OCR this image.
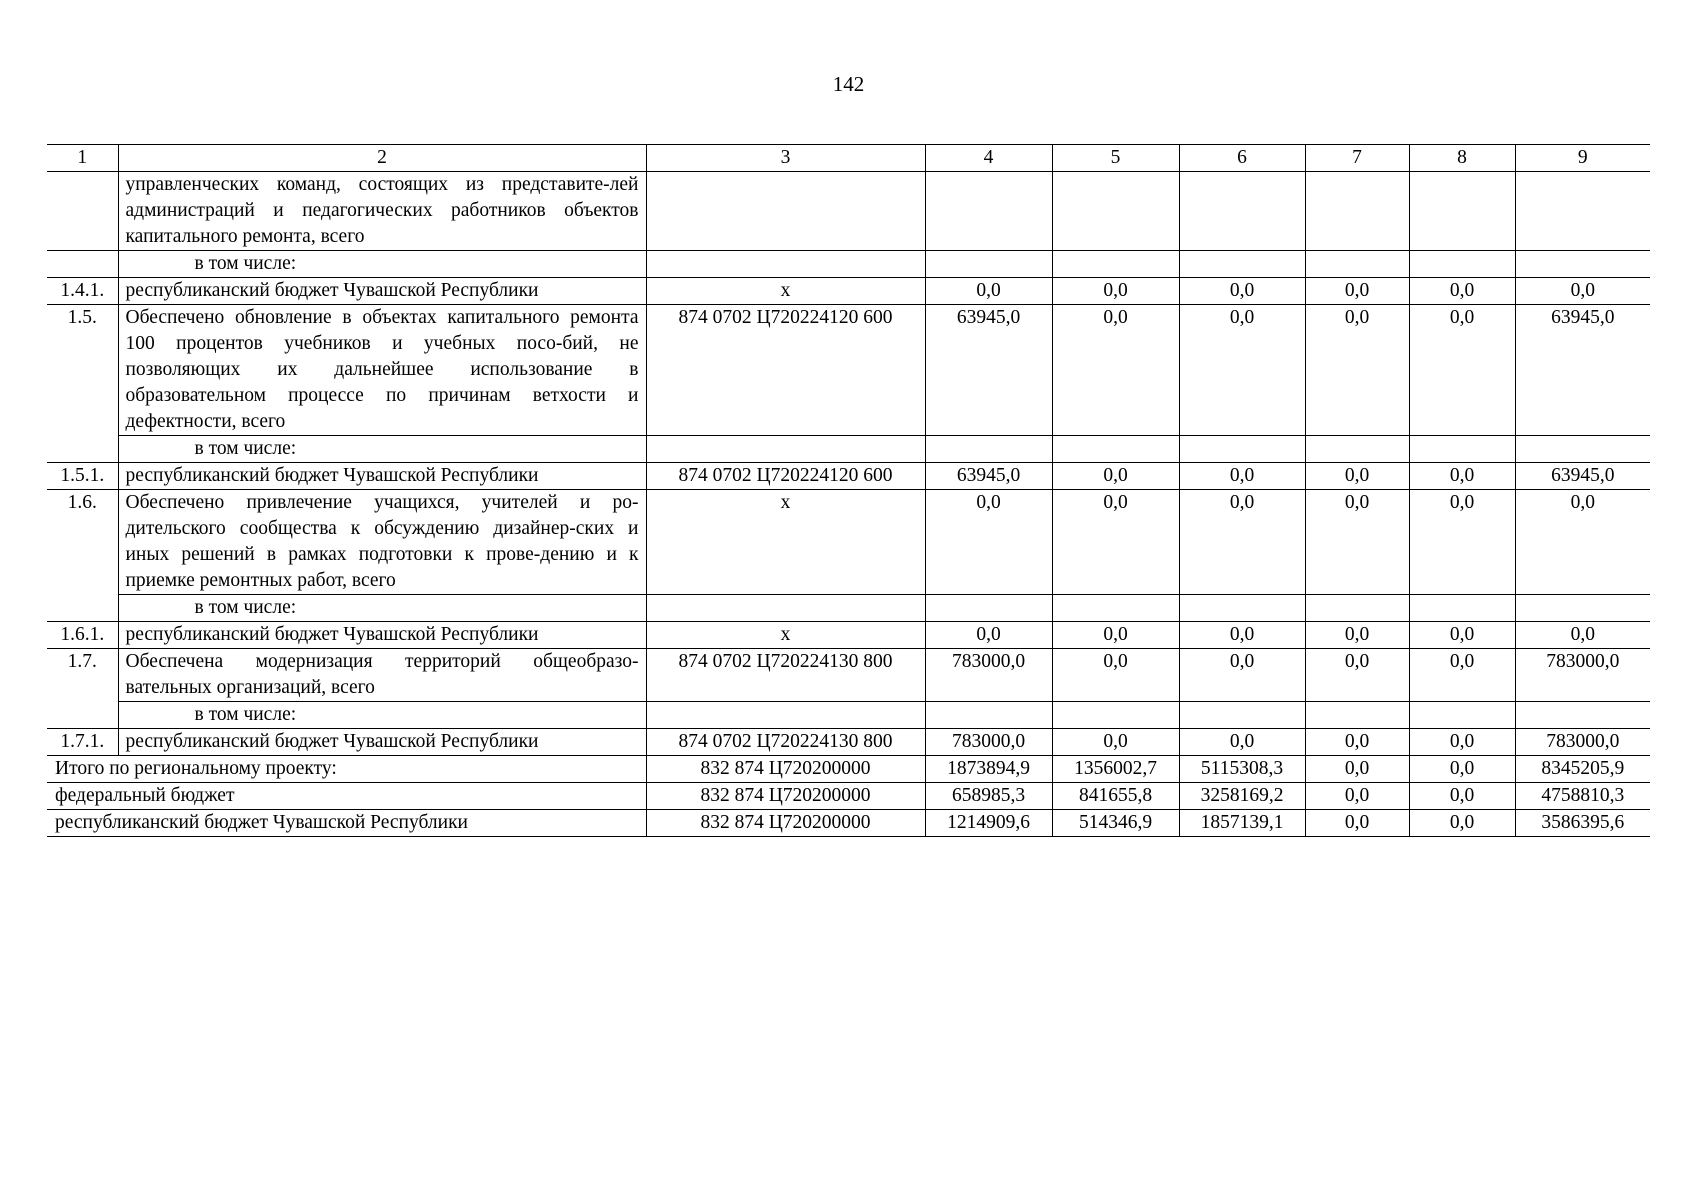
142
1	2	3	4	5	6	7	8	9
	управленческих команд, состоящих из представите-лей администраций и педагогических работников объектов капитального ремонта, всего							
	в том числе:							
1.4.1.	республиканский бюджет Чувашской Республики	х	0,0	0,0	0,0	0,0	0,0	0,0
1.5.	Обеспечено обновление в объектах капитального ремонта 100 процентов учебников и учебных посо-бий, не позволяющих их дальнейшее использование в образовательном процессе по причинам ветхости и дефектности, всего	874 0702 Ц720224120 600	63945,0	0,0	0,0	0,0	0,0	63945,0
	в том числе:							
1.5.1.	республиканский бюджет Чувашской Республики	874 0702 Ц720224120 600	63945,0	0,0	0,0	0,0	0,0	63945,0
1.6.	Обеспечено привлечение учащихся, учителей и ро-дительского сообщества к обсуждению дизайнер-ских и иных решений в рамках подготовки к прове-дению и к приемке ремонтных работ, всего	х	0,0	0,0	0,0	0,0	0,0	0,0
	в том числе:							
1.6.1.	республиканский бюджет Чувашской Республики	х	0,0	0,0	0,0	0,0	0,0	0,0
1.7.	Обеспечена модернизация территорий общеобразо-вательных организаций, всего	874 0702 Ц720224130 800	783000,0	0,0	0,0	0,0	0,0	783000,0
	в том числе:							
1.7.1.	республиканский бюджет Чувашской Республики	874 0702 Ц720224130 800	783000,0	0,0	0,0	0,0	0,0	783000,0
Итого по региональному проекту:		832 874 Ц720200000	1873894,9	1356002,7	5115308,3	0,0	0,0	8345205,9
федеральный бюджет		832 874 Ц720200000	658985,3	841655,8	3258169,2	0,0	0,0	4758810,3
республиканский бюджет Чувашской Республики		832 874 Ц720200000	1214909,6	514346,9	1857139,1	0,0	0,0	3586395,6
